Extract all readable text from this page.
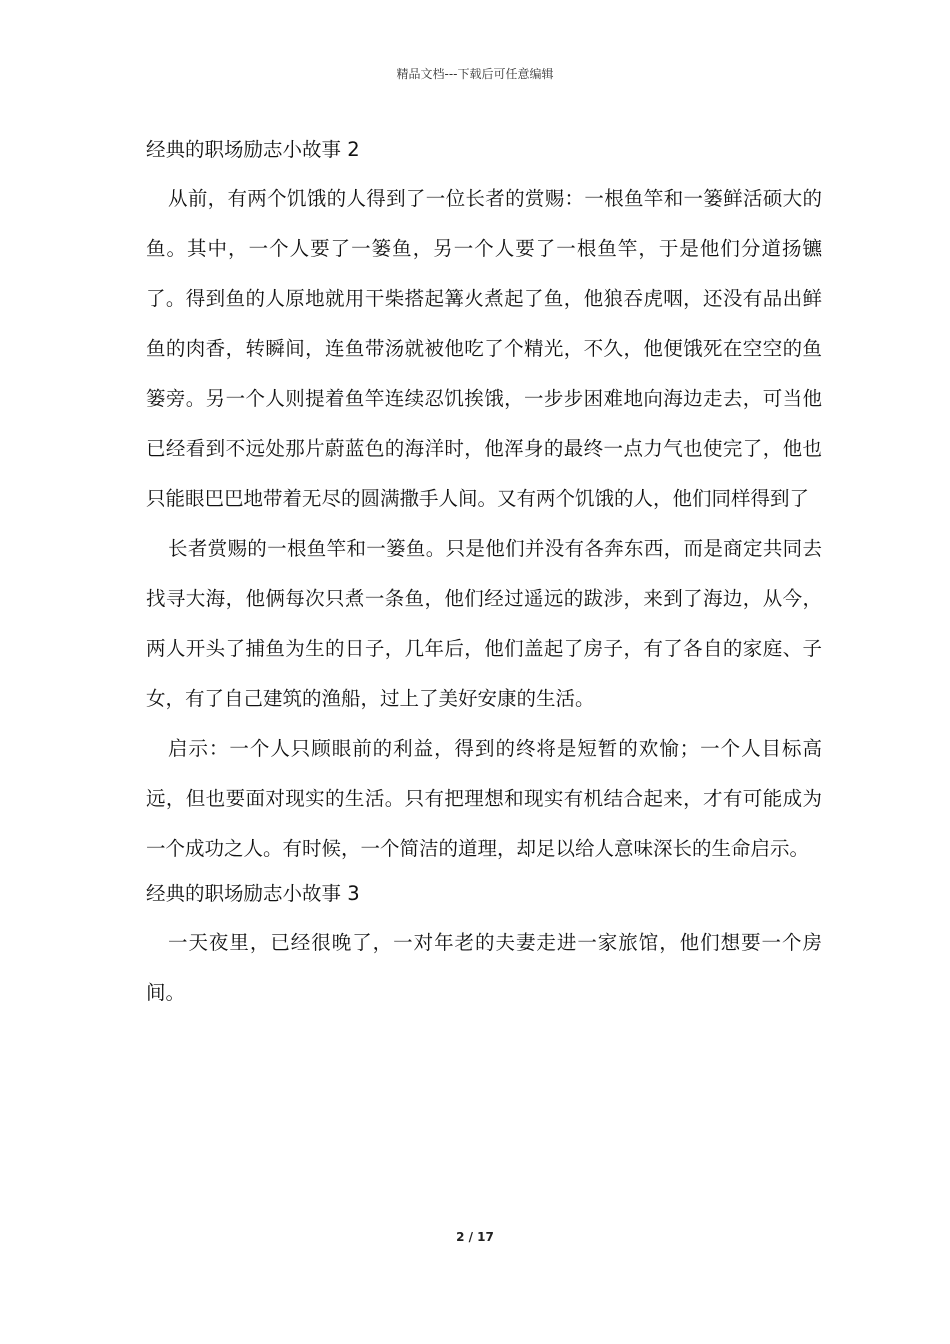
精品文档---下载后可任意编辑
经典的职场励志小故事 2

从前，有两个饥饿的人得到了一位长者的赏赐：一根鱼竿和一篓鲜活硕大的鱼。其中，一个人要了一篓鱼，另一个人要了一根鱼竿，于是他们分道扬镳了。得到鱼的人原地就用干柴搭起篝火煮起了鱼，他狼吞虎咽，还没有品出鲜鱼的肉香，转瞬间，连鱼带汤就被他吃了个精光，不久，他便饿死在空空的鱼篓旁。另一个人则提着鱼竿连续忍饥挨饿，一步步困难地向海边走去，可当他已经看到不远处那片蔚蓝色的海洋时，他浑身的最终一点力气也使完了，他也只能眼巴巴地带着无尽的圆满撒手人间。又有两个饥饿的人，他们同样得到了

长者赏赐的一根鱼竿和一篓鱼。只是他们并没有各奔东西，而是商定共同去找寻大海，他俩每次只煮一条鱼，他们经过遥远的跋涉，来到了海边，从今，两人开头了捕鱼为生的日子，几年后，他们盖起了房子，有了各自的家庭、子女，有了自己建筑的渔船，过上了美好安康的生活。

启示：一个人只顾眼前的利益，得到的终将是短暂的欢愉；一个人目标高远，但也要面对现实的生活。只有把理想和现实有机结合起来，才有可能成为一个成功之人。有时候，一个简洁的道理，却足以给人意味深长的生命启示。

经典的职场励志小故事 3

一天夜里，已经很晚了，一对年老的夫妻走进一家旅馆，他们想要一个房间。

2 / 17
